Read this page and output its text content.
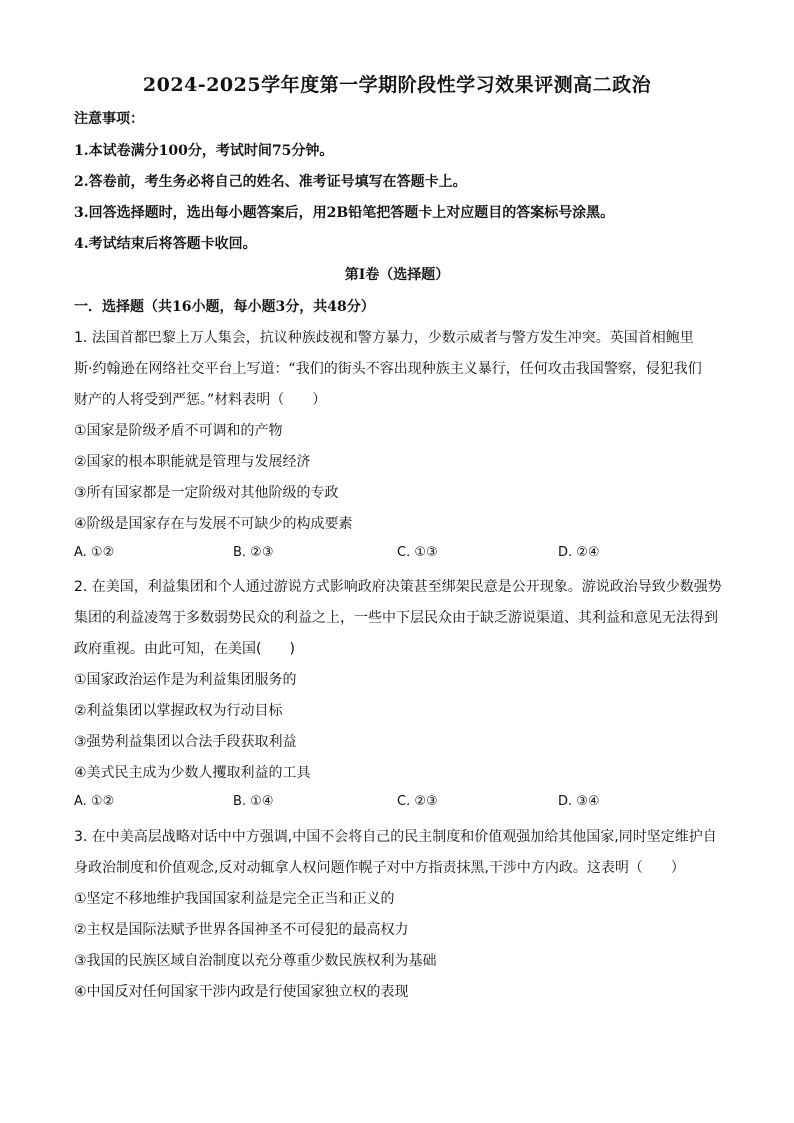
2024-2025学年度第一学期阶段性学习效果评测高二政治
注意事项：
1.本试卷满分100分，考试时间75分钟。
2.答卷前，考生务必将自己的姓名、准考证号填写在答题卡上。
3.回答选择题时，选出每小题答案后，用2B铅笔把答题卡上对应题目的答案标号涂黑。
4.考试结束后将答题卡收回。
第Ⅰ卷（选择题）
一．选择题（共16小题，每小题3分，共48分）
1. 法国首都巴黎上万人集会，抗议种族歧视和警方暴力，少数示威者与警方发生冲突。英国首相鲍里
斯·约翰逊在网络社交平台上写道：“我们的街头不容出现种族主义暴行，任何攻击我国警察，侵犯我们
财产的人将受到严惩。”材料表明（　　）
①国家是阶级矛盾不可调和的产物
②国家的根本职能就是管理与发展经济
③所有国家都是一定阶级对其他阶级的专政
④阶级是国家存在与发展不可缺少的构成要素
A. ①②	B. ②③	C. ①③	D. ②④
2. 在美国，利益集团和个人通过游说方式影响政府决策甚至绑架民意是公开现象。游说政治导致少数强势
集团的利益凌驾于多数弱势民众的利益之上，一些中下层民众由于缺乏游说渠道、其利益和意见无法得到
政府重视。由此可知，在美国(　　)
①国家政治运作是为利益集团服务的
②利益集团以掌握政权为行动目标
③强势利益集团以合法手段获取利益
④美式民主成为少数人攫取利益的工具
A. ①②	B. ①④	C. ②③	D. ③④
3. 在中美高层战略对话中中方强调,中国不会将自己的民主制度和价值观强加给其他国家,同时坚定维护自
身政治制度和价值观念,反对动辄拿人权问题作幌子对中方指责抹黑,干涉中方内政。这表明（　　）
①坚定不移地维护我国国家利益是完全正当和正义的
②主权是国际法赋予世界各国神圣不可侵犯的最高权力
③我国的民族区域自治制度以充分尊重少数民族权利为基础
④中国反对任何国家干涉内政是行使国家独立权的表现
